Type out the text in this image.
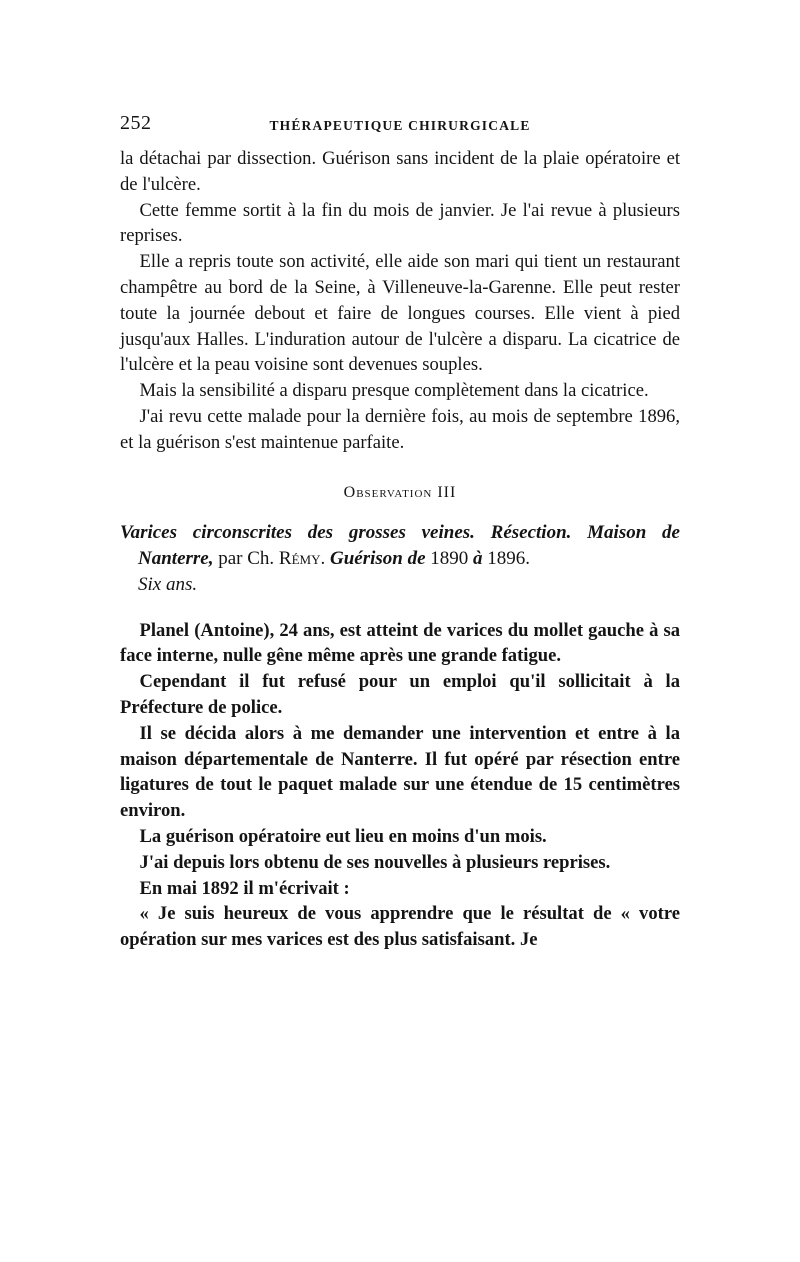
252	THÉRAPEUTIQUE CHIRURGICALE

la détachai par dissection. Guérison sans incident de la plaie opératoire et de l'ulcère.

Cette femme sortit à la fin du mois de janvier. Je l'ai revue à plusieurs reprises.

Elle a repris toute son activité, elle aide son mari qui tient un restaurant champêtre au bord de la Seine, à Villeneuve-la-Garenne. Elle peut rester toute la journée debout et faire de longues courses. Elle vient à pied jusqu'aux Halles. L'induration autour de l'ulcère a disparu. La cicatrice de l'ulcère et la peau voisine sont devenues souples.

Mais la sensibilité a disparu presque complètement dans la cicatrice.

J'ai revu cette malade pour la dernière fois, au mois de septembre 1896, et la guérison s'est maintenue parfaite.

Observation III
Varices circonscrites des grosses veines. Résection. Maison de Nanterre, par Ch. Rémy. Guérison de 1890 à 1896.
Six ans.

Planel (Antoine), 24 ans, est atteint de varices du mollet gauche à sa face interne, nulle gêne même après une grande fatigue.

Cependant il fut refusé pour un emploi qu'il sollicitait à la Préfecture de police.

Il se décida alors à me demander une intervention et entre à la maison départementale de Nanterre. Il fut opéré par résection entre ligatures de tout le paquet malade sur une étendue de 15 centimètres environ.

La guérison opératoire eut lieu en moins d'un mois.

J'ai depuis lors obtenu de ses nouvelles à plusieurs reprises.

En mai 1892 il m'écrivait :

« Je suis heureux de vous apprendre que le résultat de « votre opération sur mes varices est des plus satisfaisant. Je
